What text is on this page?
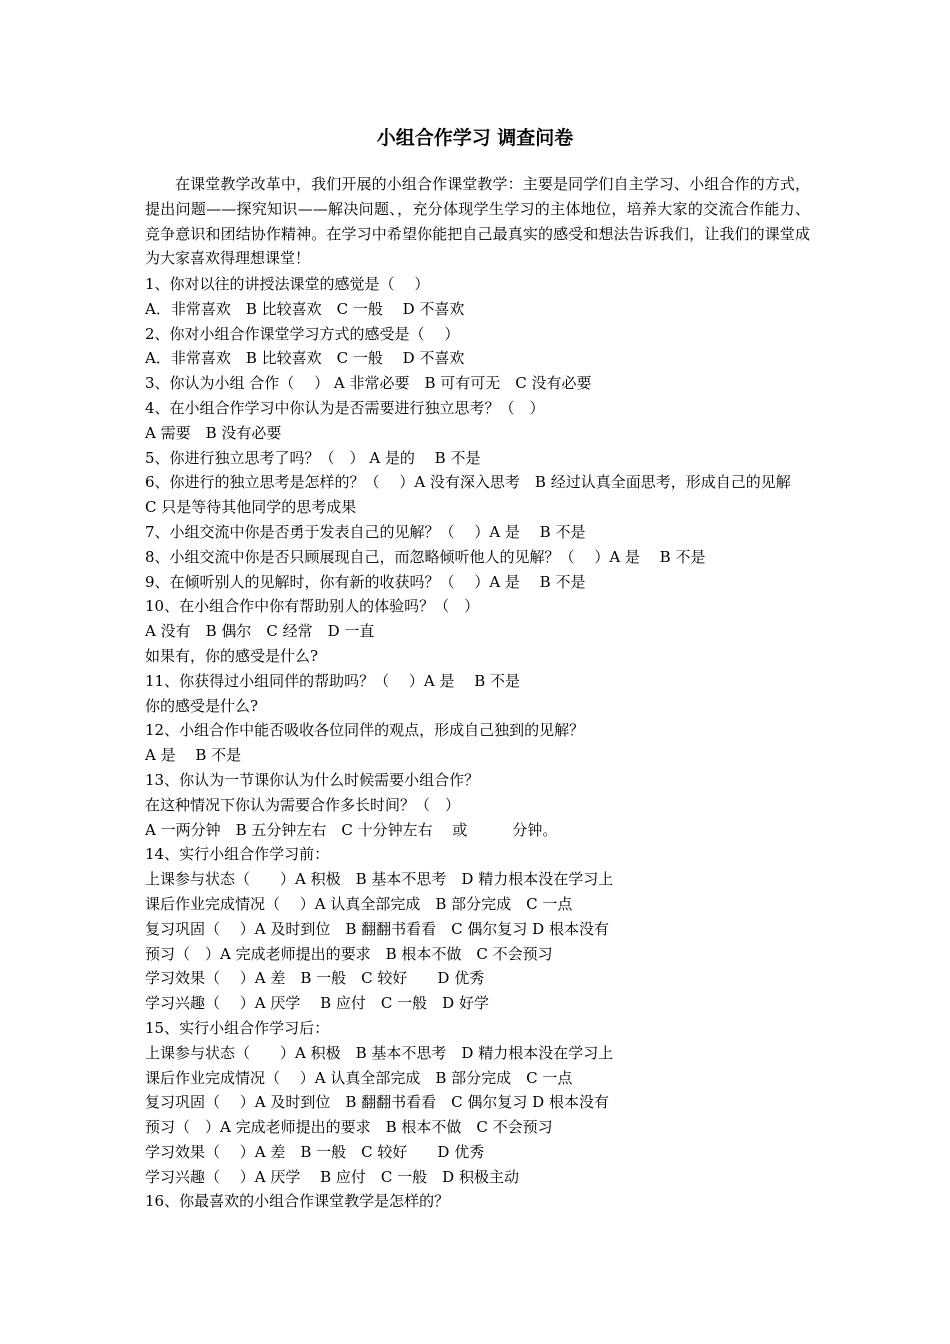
小组合作学习 调查问卷

在课堂教学改革中，我们开展的小组合作课堂教学：主要是同学们自主学习、小组合作的方式，提出问题——探究知识——解决问题、，充分体现学生学习的主体地位，培养大家的交流合作能力、竞争意识和团结协作精神。在学习中希望你能把自己最真实的感受和想法告诉我们，让我们的课堂成为大家喜欢得理想课堂！

1、你对以往的讲授法课堂的感觉是（　 ）
A．非常喜欢　B 比较喜欢　C 一般　 D 不喜欢
2、你对小组合作课堂学习方式的感受是（　 ）
A．非常喜欢　B 比较喜欢　C 一般　 D 不喜欢
3、你认为小组 合作（　 ） A 非常必要　B 可有可无　C 没有必要
4、在小组合作学习中你认为是否需要进行独立思考？（　）
A 需要　B 没有必要
5、你进行独立思考了吗？（　） A 是的　 B 不是
6、你进行的独立思考是怎样的？（　 ）A 没有深入思考　B 经过认真全面思考，形成自己的见解　C 只是等待其他同学的思考成果
7、小组交流中你是否勇于发表自己的见解？（　 ）A 是　 B 不是
8、小组交流中你是否只顾展现自己，而忽略倾听他人的见解？（　 ）A 是　 B 不是
9、在倾听别人的见解时，你有新的收获吗？（　 ）A 是　 B 不是
10、在小组合作中你有帮助别人的体验吗？（　）
A 没有　B 偶尔　C 经常　D 一直
如果有，你的感受是什么?
11、你获得过小组同伴的帮助吗？（　 ）A 是　 B 不是
你的感受是什么?
12、小组合作中能否吸收各位同伴的观点，形成自己独到的见解？
A 是　 B 不是
13、你认为一节课你认为什么时候需要小组合作？
在这种情况下你认为需要合作多长时间？（　）
A 一两分钟　B 五分钟左右　C 十分钟左右　 或　　　分钟。
14、实行小组合作学习前：
上课参与状态（　　）A 积极　B 基本不思考　D 精力根本没在学习上
课后作业完成情况（　 ）A 认真全部完成　B 部分完成　C 一点
复习巩固（　 ）A 及时到位　B 翻翻书看看　C 偶尔复习 D 根本没有
预习（　）A 完成老师提出的要求　B 根本不做　C 不会预习
学习效果（　 ）A 差　B 一般　C 较好　　D 优秀
学习兴趣（　 ）A 厌学　 B 应付　C 一般　D 好学
15、实行小组合作学习后：
上课参与状态（　　）A 积极　B 基本不思考　D 精力根本没在学习上
课后作业完成情况（　 ）A 认真全部完成　B 部分完成　C 一点
复习巩固（　 ）A 及时到位　B 翻翻书看看　C 偶尔复习 D 根本没有
预习（　）A 完成老师提出的要求　B 根本不做　C 不会预习
学习效果（　 ）A 差　B 一般　C 较好　　D 优秀
学习兴趣（　 ）A 厌学　 B 应付　C 一般　D 积极主动
16、你最喜欢的小组合作课堂教学是怎样的？
